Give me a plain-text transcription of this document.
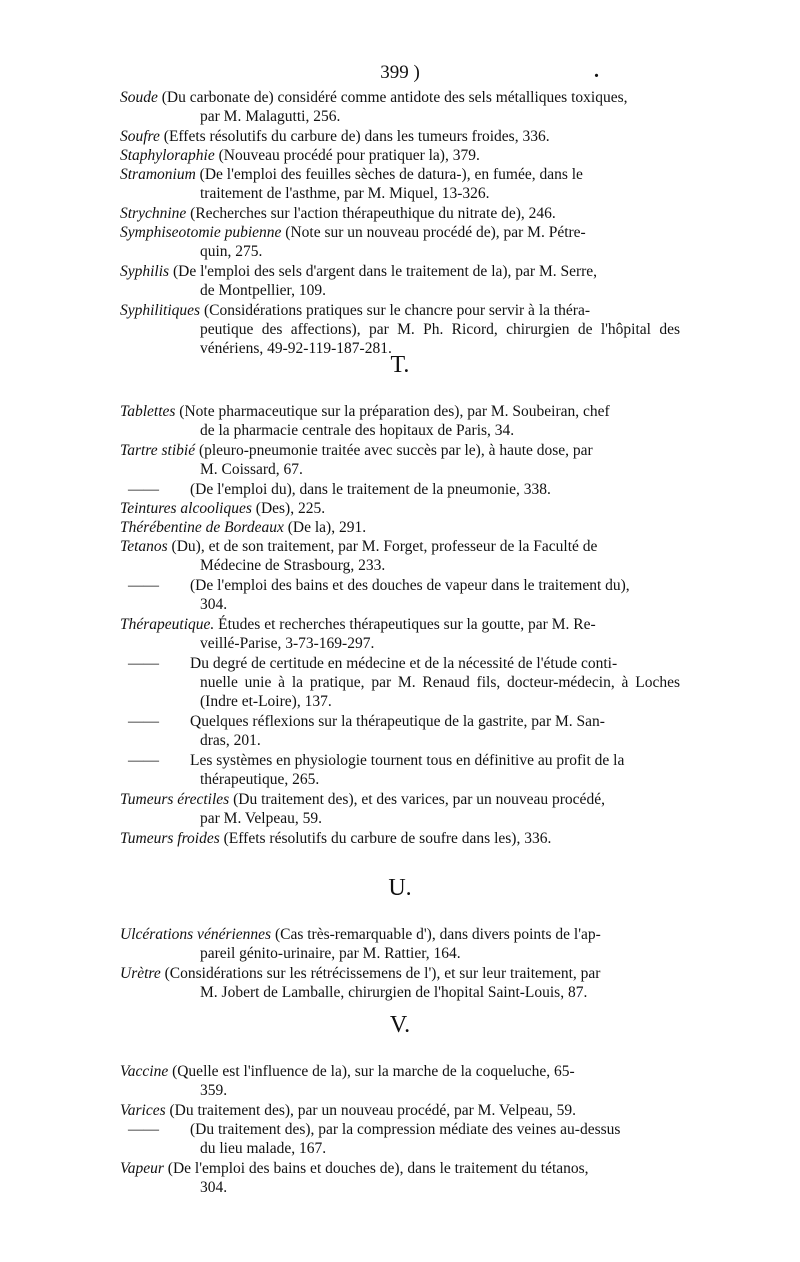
399 )	.
Soude (Du carbonate de) considéré comme antidote des sels métalliques toxiques,
par M. Malagutti, 256.
Soufre (Effets résolutifs du carbure de) dans les tumeurs froides, 336.
Staphyloraphie (Nouveau procédé pour pratiquer la), 379.
Stramonium (De l'emploi des feuilles sèches de datura-), en fumée, dans le
traitement de l'asthme, par M. Miquel, 13-326.
Strychnine (Recherches sur l'action thérapeuthique du nitrate de), 246.
Symphiseotomie pubienne (Note sur un nouveau procédé de), par M. Pétre-
quin, 275.
Syphilis (De l'emploi des sels d'argent dans le traitement de la), par M. Serre,
de Montpellier, 109.
Syphilitiques (Considérations pratiques sur le chancre pour servir à la théra-
peutique des affections), par M. Ph. Ricord, chirurgien de l'hôpital des vénériens, 49-92-119-187-281.
T.
Tablettes (Note pharmaceutique sur la préparation des), par M. Soubeiran, chef
de la pharmacie centrale des hopitaux de Paris, 34.
Tartre stibié (pleuro-pneumonie traitée avec succès par le), à haute dose, par
M. Coissard, 67.
—— (De l'emploi du), dans le traitement de la pneumonie, 338.
Teintures alcooliques (Des), 225.
Thérébentine de Bordeaux (De la), 291.
Tetanos (Du), et de son traitement, par M. Forget, professeur de la Faculté de
Médecine de Strasbourg, 233.
—— (De l'emploi des bains et des douches de vapeur dans le traitement du),
304.
Thérapeutique. Études et recherches thérapeutiques sur la goutte, par M. Re-
veillé-Parise, 3-73-169-297.
—— Du degré de certitude en médecine et de la nécessité de l'étude conti-
nuelle unie à la pratique, par M. Renaud fils, docteur-médecin, à Loches (Indre et-Loire), 137.
—— Quelques réflexions sur la thérapeutique de la gastrite, par M. San-
dras, 201.
—— Les systèmes en physiologie tournent tous en définitive au profit de la
thérapeutique, 265.
Tumeurs érectiles (Du traitement des), et des varices, par un nouveau procédé,
par M. Velpeau, 59.
Tumeurs froides (Effets résolutifs du carbure de soufre dans les), 336.
U.
Ulcérations vénériennes (Cas très-remarquable d'), dans divers points de l'ap-
pareil génito-urinaire, par M. Rattier, 164.
Urètre (Considérations sur les rétrécissemens de l'), et sur leur traitement, par
M. Jobert de Lamballe, chirurgien de l'hopital Saint-Louis, 87.
V.
Vaccine (Quelle est l'influence de la), sur la marche de la coqueluche, 65-
359.
Varices (Du traitement des), par un nouveau procédé, par M. Velpeau, 59.
—— (Du traitement des), par la compression médiate des veines au-dessus
du lieu malade, 167.
Vapeur (De l'emploi des bains et douches de), dans le traitement du tétanos,
304.
